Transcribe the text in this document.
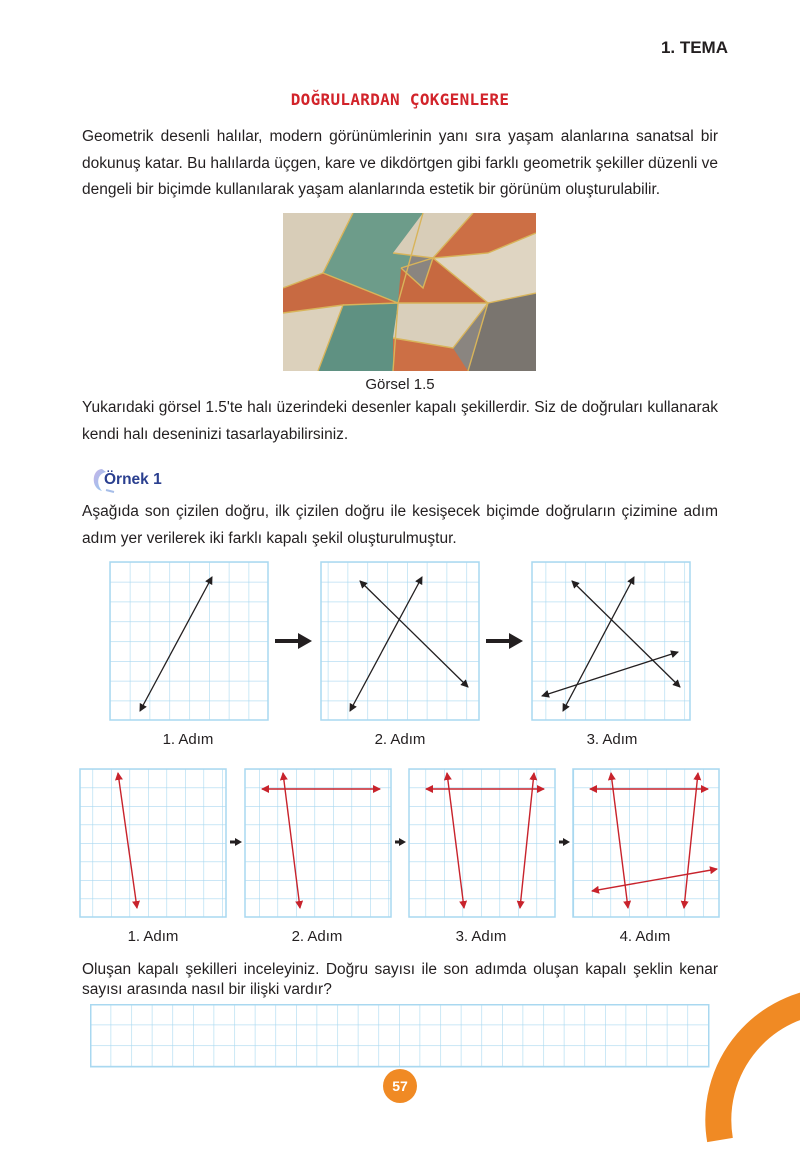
1. TEMA
DOĞRULARDAN ÇOKGENLERE
Geometrik desenli halılar, modern görünümlerinin yanı sıra yaşam alanlarına sanatsal bir dokunuş katar. Bu halılarda üçgen, kare ve dikdörtgen gibi farklı geometrik şekiller düzenli ve dengeli bir biçimde kullanılarak yaşam alanlarında estetik bir görünüm oluşturulabilir.
Görsel 1.5
Yukarıdaki görsel 1.5'te halı üzerindeki desenler kapalı şekillerdir. Siz de doğruları kullanarak kendi halı deseninizi tasarlayabilirsiniz.
Örnek 1
Aşağıda son çizilen doğru, ilk çizilen doğru ile kesişecek biçimde doğruların çizimine adım adım yer verilerek iki farklı kapalı şekil oluşturulmuştur.
1. Adım	2. Adım	3. Adım
1. Adım	2. Adım	3. Adım	4. Adım
Oluşan kapalı şekilleri inceleyiniz. Doğru sayısı ile son adımda oluşan kapalı şeklin kenar sayısı arasında nasıl bir ilişki vardır?
57
